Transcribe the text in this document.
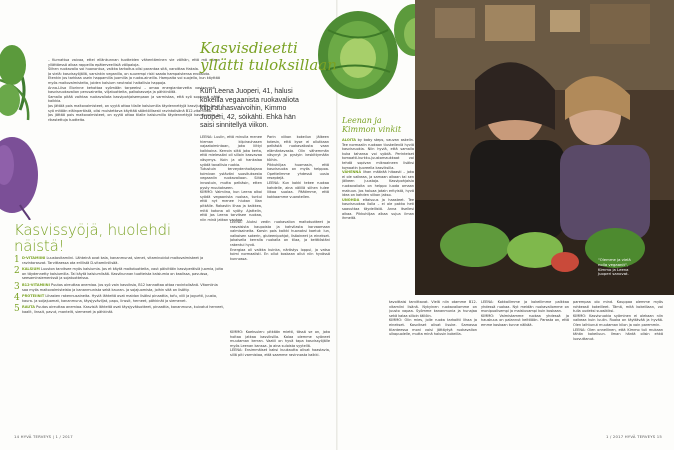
– Kurnattua vaivaa, ettei ellänkunnan tuotteiden vähentäminen vie välhän, että mä ollaan yllättäessä alkaa rappeilla epäterveellisiä välipaloja.
Siihen ruokavalio voi huonontua, vaikka tarkoitus olisi parantaa sitä, varoittaa Hakala.
Ja vielä: kasvissyöjällä, varsinkin veganilla, on suurempi riski saada hampaistensa eroosiota.
Etenkin jos tarkkaa usein happamilla juomilla ja ruoka-aineilla. Hampaita voi suojella, kun käyttää myös maitovalmisteita, joiden kalsium neutraloi haitallisia happoja.
Anna-Liisa Elorinne kehottaa syömään tarpeeksi – omaa energiantarvetta vastaavasti – kasvisruokavalion perusaineita, viljatuotteita, palkokasveja ja pähkinöitä.
Samalla pitää vaihtaa ruokavaliota kasvipohjaisempaan ja varmistaa, että syö sopivasti näitä kaikkia.
Jos jättää pois maitovalmisteet, on syytä ottaa tilalle kalsiumilla täydennettyjä kasvijuomia. Jos ei syö mitään eläinperäistä, olisi muistettava käyttää sääntöllisesti ravintolisänä B12-vitamiinia.
Jos jättää pois maitovalmisteet, on syytä ottaa tilalle kalsiumilla täydennettyjä kasvijuomia ja rikastettuja tuotteita.
Kasvissyöjä, huolehdi näistä!
1 D-VITAMIINI Luustovitamiini. Lähteinä ovat kala, kananmunat, sienet, vitaminoidut maitovalmisteet ja ravintorasvat. Tarvittaessa ota erillistä D-vitamiinilisää.
2 KALSIUM Luuston tarvitsee myös kalsiumia. Jos et käytä maitotuotteita, vaut päivittäin kasviperäisiä juomia, joita on täydennetty kalsiumilla. Tai käytä kalsiumlisää. Kasvikunnan tuotteista kalsiumia on kaalissa, pavuissa, seesaminsiemenissä ja sojatuotteissa.
3 B12-VITAMIINI Puutos oireuttaa anemiaa. Jos syö vain kasviksia, B12 kannattaa ottaa ravintolisänä. Vitamiinia saa myös maitovalmisteista ja kananmunista sekä kauran- ja sojajuomista, joihin sitä on lisätty.
4 PROTEIINIT Lihasten rakennusaineita. Hyviä lähteitä ovat maidon lisäksi pinaattia, tofu, viili ja jogurtti, juusto, kaura- ja soijajuomat, kananmuna, täysjyväviljat, papu, linssit, herneet, pähkinät ja siemenet.
5 RAUTA Puutos oireuttaa anemiaa. Kasvisiä lähteitä ovat täysjyvätuotteet, pinaattia, kananmuna, kuivatut herneet, kaalit, linssit, pavut, mantelit, siemenet ja pähkinät.
LEENA: Aluksi vedin ruokavalion maitotuotteet ja rasvaisista kaupoista ja kahvilasta korvaamaan valmisaineita. Karsin pois kaikki huonoksi koetut: lun, valkoisen sokerin, gluteenipohjat, lisäaineet ja einekset. Jokaisella kerralla ruokalla on tilaa, ja keittiöstäni rakentui hyvä.
Energiaa oli vaikka kuinka, närästys loppui, ja vatsa toimi normaalisti. En ollut koskaan ollut niin hyvässä kunnossa.
KIMMO: Koeksulen: pitkään mietti, tässä se on, joka hoitaa jatkaa kasviksilla. Kalaa olemme syöneet muutaman kerran. Vaatii on hyvä tapa kasvissyöjälle myös Leenan kanssa. Ja aina suloista syytellä.
LEENA: Ensimmäiset kaksi kuukautta olivat haastavia, sillä piti varmistaa, että saamme ravinnosta kaikki.
14 HYVÄ TERVEYS | 1 / 2017
Kasvisdieetti
yllätti tuloksillaan
Kun Leena Juoperi, 41, halusi
kokeilla vegaanista ruokavaliota
kilpirauhasvaivoihin, Kimmo
Juoperi, 42, söikähti. Ehkä hän
saisi sinnitellyä viikon.
LEENA: Luulin, että minulla menee hieman kilpirauhasen vajaatoimintaan, joka liittyi kaikkoina. Kerroin siitä joka kerta, että mielessäni oli silloin kasvavaa väsymys. Koin ja oli hankalaa syödä tavallisia ruokia.
Tutustuin terveydenhoitajana toimivan ystäväni suosituksesta vegaaniin ruokavalioon. Siitä innostuin, mutta pelkäsin, etten pysty muutokseen.
KIMMO: Valmiina, kun Leena alkoi syödä vegaanista ruokaa, tuntui että nyt menee hiukan liian pitkälle. Rakastin lihaa ja kaikkea, mitä kotona oli syöty. Ajattelin, että jos Leena tarvitsee ruokaa, niin minä jatkan vanhaa.
Parin viikon kokeilun jälkeen totesin, että kyse ei ollutkaan pelkästä ruokavaliosta vaan elämäntavasta. Olin vähemmän väsynyt ja pystyin keskittymään töihin.
Pikkuhiljaa huomasin, että kasvisruoka on myös helppoa. Opettelimme yhdessä uusia reseptejä.
LEENA: Kun kokki tekee ruokaa kahdelle, aina välillä siihen tulee liikaa suolaa. Päätimme, että kokkaamme vuorotellen.
Leenan ja
Kimmon vinkit
ALOITA by baby steps, vauvan askelin. Tee normaalin ruokaan tiuskeileviä hyviä kasvisruokia. Niin hyviä, että samalla kuka tahansa voi syödä. Perinteiset tomaatti-kurkku-juustomaukkaat voi tehdä sopivan mikroaineen lisäksi tomaatin tuoreella kasviksilla.
VÄHENNÄ lihan määrää hitaasti – joka ei ole vaikeaa, ja samaan aikaan tai sen jälkeen juustoja. Kasvipohjaisia ruokavalioita on helppo luoda omaan makuun. Jos haluaa jotain erityistä, hyvä idea on kahden viikon jakso.
UNOHDA eltaisuus ja haasteet. Tee kasvisruokaa ilolla – ei ole pakko heti saavuttaa täydellistä. Anna itsellesi aikaa. Pikkuhiljaa alkaa sujua ilman ihmeitä.
"Olemme ja vielä
nolla vegaanit",
Kimmo ja Leena
Juoperi sanovat.
tavoittaisi tarvittavat. Vielä niin otamme B12-vitamiini lisänä. Nykyinen ruokavaliomme on juusto vapaa. Syömme kananmunia ja hunajaa sekä kalaa silloin tällöin.
KIMMO: Olin mies, jolle ruoka tarkoitti lihaa ja einekset. Kasvikset olivat lisuke. Samassa tilanteessa moni voisi jättäytyä ruokavalion ulkopuolelle, mutta minä halusin kokeilla.
LEENA: Kokkailimme ja kokeilimme palkkaa yhdessä ruokaa. Nyt meidän ruokavaliomme on monipuolisempi ja maistuvampi kuin koskaan.
KIMMO: Valmistamme ruokaa yhdessä ja hauskuus on palannut keittiöön. Parasta on, että emme koskaan tunne nälkää.
parempaa olo mind. Kauppaa olemme myös rohkeasti kokeilleet. Tämä, mitä kokeillaan, voi tulla uudeksi suosikiksi.
KIMMO: Kasvisruokia syöminen ei olekaan niin vaikeaa kuin luulin. Ruoka on täyttävää ja hyvää. Olen laihtunut muutaman kilon ja voin paremmin.
LEENA: Olen onnellinen, että Kimmo tuli mukaan tähän kokeiluun. Ilman häntä olisin ehkä luovuttanut.
1 / 2017 HYVÄ TERVEYS 15
